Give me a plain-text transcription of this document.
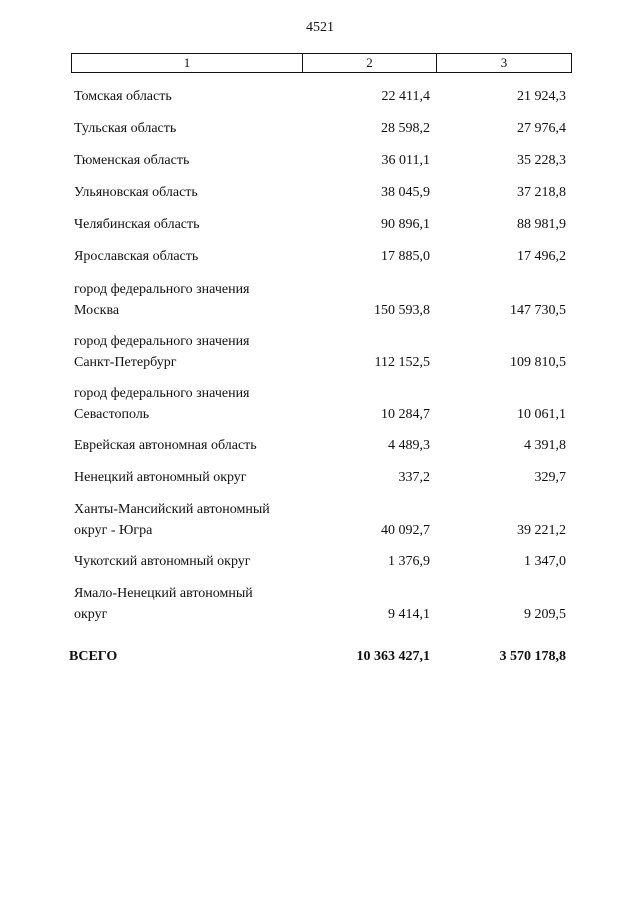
4521
1	2	3
Томская область	22 411,4	21 924,3
Тульская область	28 598,2	27 976,4
Тюменская область	36 011,1	35 228,3
Ульяновская область	38 045,9	37 218,8
Челябинская область	90 896,1	88 981,9
Ярославская область	17 885,0	17 496,2
город федерального значения
Москва	150 593,8	147 730,5
город федерального значения
Санкт-Петербург	112 152,5	109 810,5
город федерального значения
Севастополь	10 284,7	10 061,1
Еврейская автономная область	4 489,3	4 391,8
Ненецкий автономный округ	337,2	329,7
Ханты-Мансийский автономный
округ - Югра	40 092,7	39 221,2
Чукотский автономный округ	1 376,9	1 347,0
Ямало-Ненецкий автономный
округ	9 414,1	9 209,5
ВСЕГО	10 363 427,1	3 570 178,8
